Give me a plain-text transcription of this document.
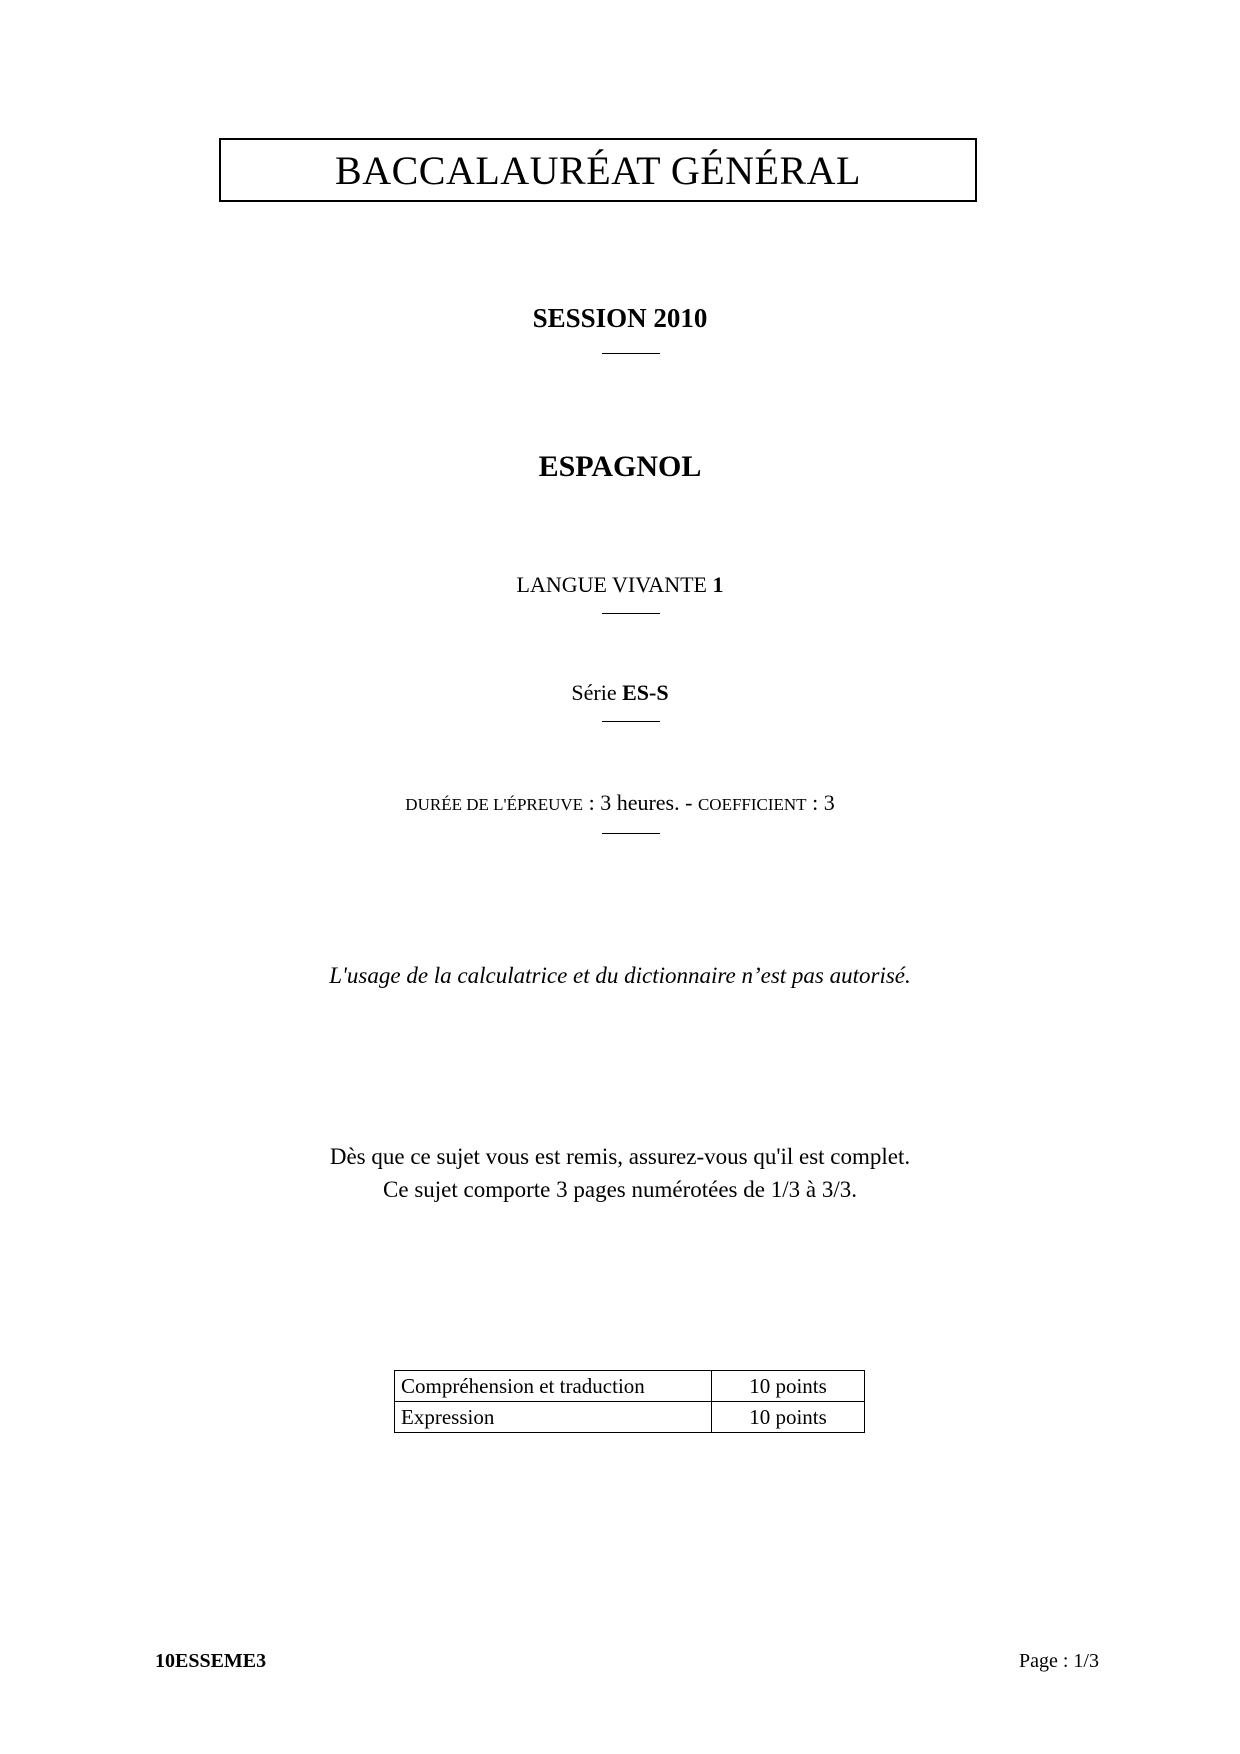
BACCALAURÉAT GÉNÉRAL
SESSION 2010
ESPAGNOL
LANGUE VIVANTE 1
Série ES-S
DURÉE DE L'ÉPREUVE : 3 heures. - COEFFICIENT : 3
L'usage de la calculatrice et du dictionnaire n’est pas autorisé.
Dès que ce sujet vous est remis, assurez-vous qu'il est complet.
Ce sujet comporte 3 pages numérotées de 1/3 à 3/3.
Compréhension et traduction	10 points
Expression	10 points
10ESSEME3	Page : 1/3
